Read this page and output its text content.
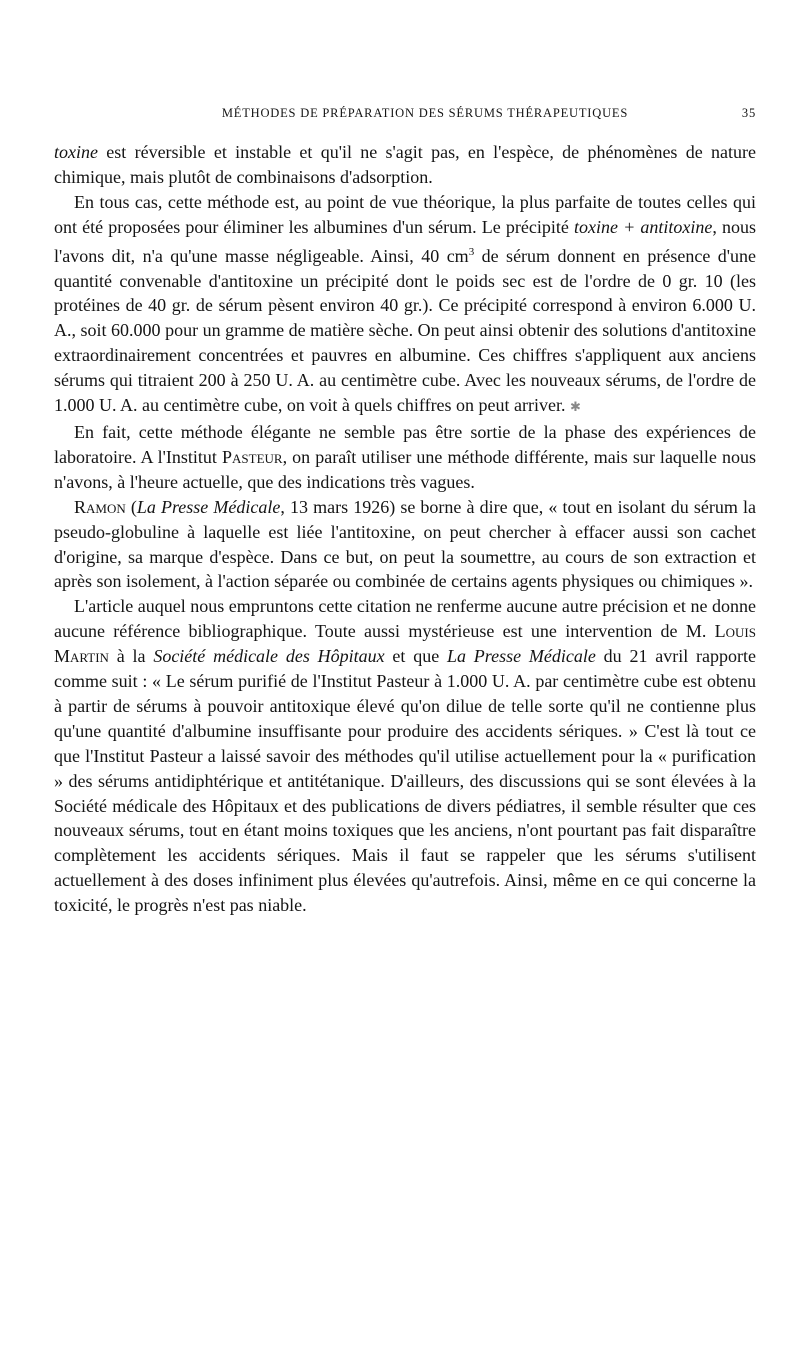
MÉTHODES DE PRÉPARATION DES SÉRUMS THÉRAPEUTIQUES	35

toxine est réversible et instable et qu'il ne s'agit pas, en l'espèce, de phénomènes de nature chimique, mais plutôt de combinaisons d'adsorption.

En tous cas, cette méthode est, au point de vue théorique, la plus parfaite de toutes celles qui ont été proposées pour éliminer les albumines d'un sérum. Le précipité toxine + antitoxine, nous l'avons dit, n'a qu'une masse négligeable. Ainsi, 40 $cm^3$ de sérum donnent en présence d'une quantité convenable d'antitoxine un précipité dont le poids sec est de l'ordre de 0 gr. 10 (les protéines de 40 gr. de sérum pèsent environ 40 gr.). Ce précipité correspond à environ 6.000 U. A., soit 60.000 pour un gramme de matière sèche. On peut ainsi obtenir des solutions d'antitoxine extraordinairement concentrées et pauvres en albumine. Ces chiffres s'appliquent aux anciens sérums qui titraient 200 à 250 U. A. au centimètre cube. Avec les nouveaux sérums, de l'ordre de 1.000 U. A. au centimètre cube, on voit à quels chiffres on peut arriver. ✱

En fait, cette méthode élégante ne semble pas être sortie de la phase des expériences de laboratoire. A l'Institut Pasteur, on paraît utiliser une méthode différente, mais sur laquelle nous n'avons, à l'heure actuelle, que des indications très vagues.

Ramon (La Presse Médicale, 13 mars 1926) se borne à dire que, « tout en isolant du sérum la pseudo-globuline à laquelle est liée l'antitoxine, on peut chercher à effacer aussi son cachet d'origine, sa marque d'espèce. Dans ce but, on peut la soumettre, au cours de son extraction et après son isolement, à l'action séparée ou combinée de certains agents physiques ou chimiques ».

L'article auquel nous empruntons cette citation ne renferme aucune autre précision et ne donne aucune référence bibliographique. Toute aussi mystérieuse est une intervention de M. Louis Martin à la Société médicale des Hôpitaux et que La Presse Médicale du 21 avril rapporte comme suit : « Le sérum purifié de l'Institut Pasteur à 1.000 U. A. par centimètre cube est obtenu à partir de sérums à pouvoir antitoxique élevé qu'on dilue de telle sorte qu'il ne contienne plus qu'une quantité d'albumine insuffisante pour produire des accidents sériques. » C'est là tout ce que l'Institut Pasteur a laissé savoir des méthodes qu'il utilise actuellement pour la « purification » des sérums antidiphtérique et antitétanique. D'ailleurs, des discussions qui se sont élevées à la Société médicale des Hôpitaux et des publications de divers pédiatres, il semble résulter que ces nouveaux sérums, tout en étant moins toxiques que les anciens, n'ont pourtant pas fait disparaître complètement les accidents sériques. Mais il faut se rappeler que les sérums s'utilisent actuellement à des doses infiniment plus élevées qu'autrefois. Ainsi, même en ce qui concerne la toxicité, le progrès n'est pas niable.
